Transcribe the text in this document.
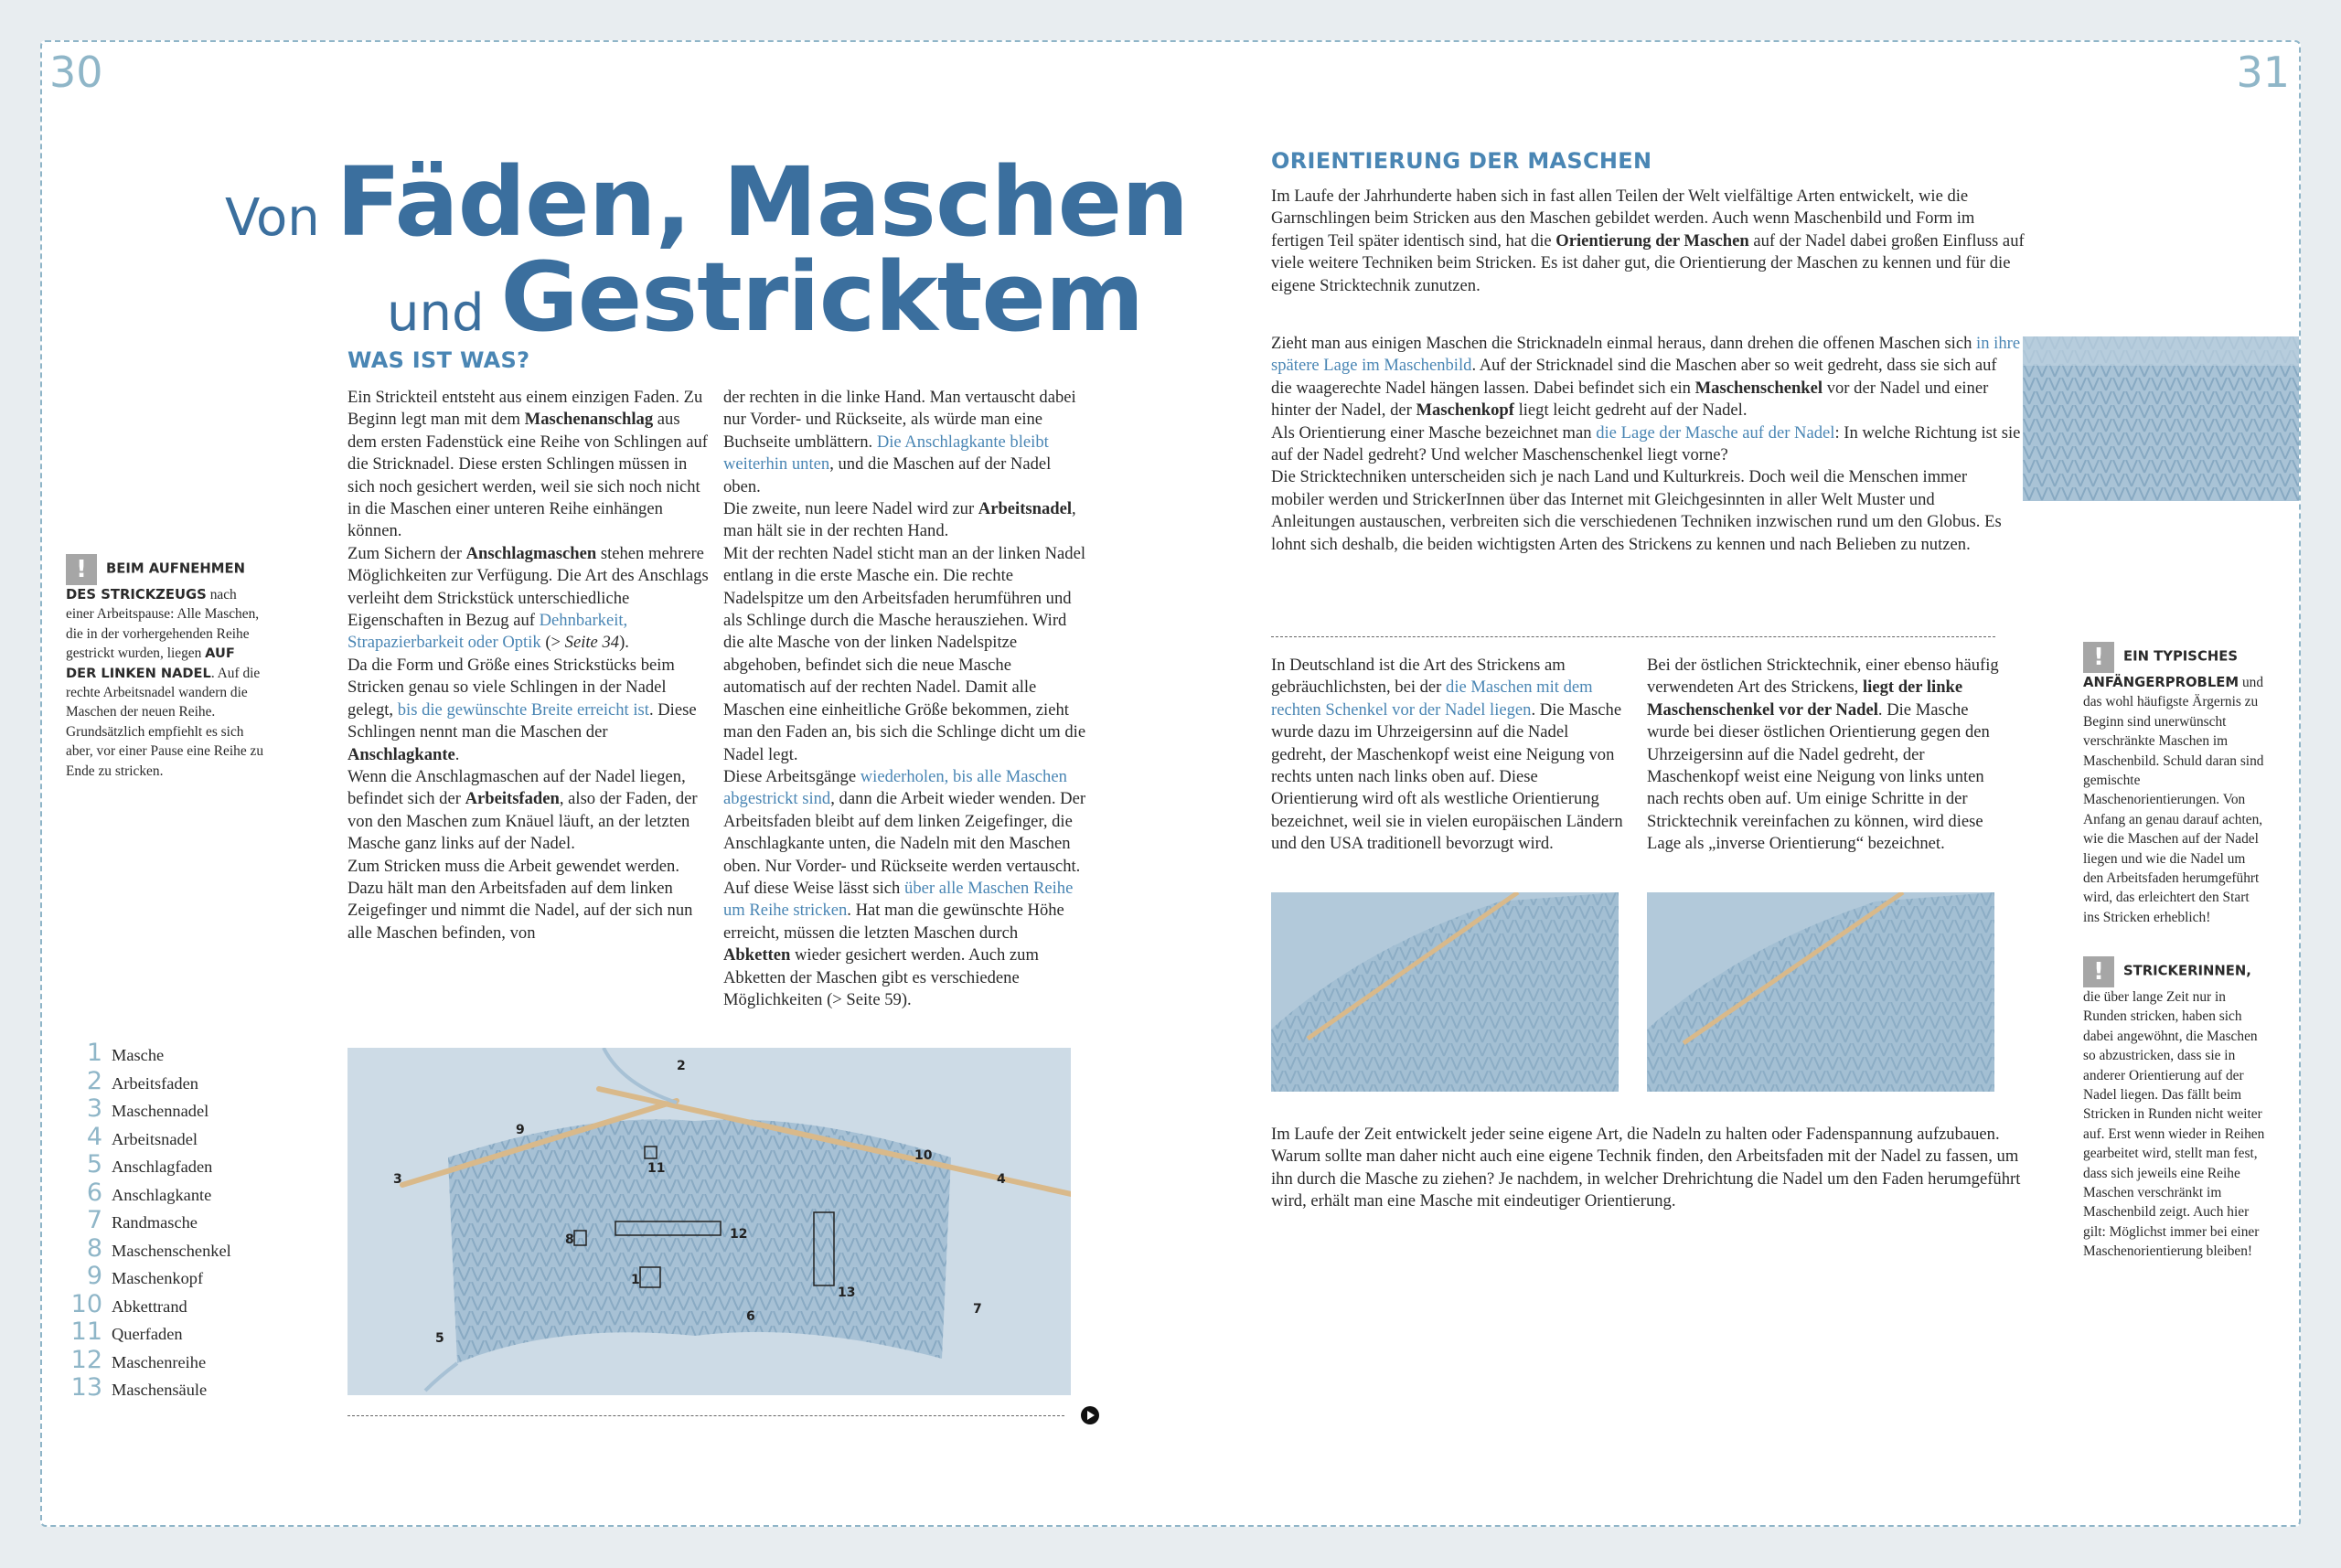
30	31
Von Fäden, Maschen
und Gestricktem
WAS IST WAS?

Ein Strickteil entsteht aus einem einzigen Faden. Zu Beginn legt man mit dem Maschenanschlag aus dem ersten Fadenstück eine Reihe von Schlingen auf die Stricknadel. Diese ersten Schlingen müssen in sich noch gesichert werden, weil sie sich noch nicht in die Maschen einer unteren Reihe einhängen können.

Zum Sichern der Anschlagmaschen stehen mehrere Möglichkeiten zur Verfügung. Die Art des Anschlags verleiht dem Strickstück unterschiedliche Eigenschaften in Bezug auf Dehnbarkeit, Strapazierbarkeit oder Optik (> Seite 34).

Da die Form und Größe eines Strickstücks beim Stricken genau so viele Schlingen in der Nadel gelegt, bis die gewünschte Breite erreicht ist. Diese Schlingen nennt man die Maschen der Anschlagkante.

Wenn die Anschlagmaschen auf der Nadel liegen, befindet sich der Arbeitsfaden, also der Faden, der von den Maschen zum Knäuel läuft, an der letzten Masche ganz links auf der Nadel.

Zum Stricken muss die Arbeit gewendet werden. Dazu hält man den Arbeitsfaden auf dem linken Zeigefinger und nimmt die Nadel, auf der sich nun alle Maschen befinden, von

der rechten in die linke Hand. Man vertauscht dabei nur Vorder- und Rückseite, als würde man eine Buchseite umblättern. Die Anschlagkante bleibt weiterhin unten, und die Maschen auf der Nadel oben.

Die zweite, nun leere Nadel wird zur Arbeitsnadel, man hält sie in der rechten Hand.

Mit der rechten Nadel sticht man an der linken Nadel entlang in die erste Masche ein. Die rechte Nadelspitze um den Arbeitsfaden herumführen und als Schlinge durch die Masche herausziehen. Wird die alte Masche von der linken Nadelspitze abgehoben, befindet sich die neue Masche automatisch auf der rechten Nadel. Damit alle Maschen eine einheitliche Größe bekommen, zieht man den Faden an, bis sich die Schlinge dicht um die Nadel legt.

Diese Arbeitsgänge wiederholen, bis alle Maschen abgestrickt sind, dann die Arbeit wieder wenden. Der Arbeitsfaden bleibt auf dem linken Zeigefinger, die Anschlagkante unten, die Nadeln mit den Maschen oben. Nur Vorder- und Rückseite werden vertauscht.

Auf diese Weise lässt sich über alle Maschen Reihe um Reihe stricken. Hat man die gewünschte Höhe erreicht, müssen die letzten Maschen durch Abketten wieder gesichert werden. Auch zum Abketten der Maschen gibt es verschiedene Möglichkeiten (> Seite 59).

! BEIM AUFNEHMEN DES STRICKZEUGS nach einer Arbeitspause: Alle Maschen, die in der vorhergehenden Reihe gestrickt wurden, liegen AUF DER LINKEN NADEL. Auf die rechte Arbeitsnadel wandern die Maschen der neuen Reihe. Grundsätzlich empfiehlt es sich aber, vor einer Pause eine Reihe zu Ende zu stricken.
1 Masche
2 Arbeitsfaden
3 Maschennadel
4 Arbeitsnadel
5 Anschlagfaden
6 Anschlagkante
7 Randmasche
8 Maschenschenkel
9 Maschenkopf
10 Abkettrand
11 Querfaden
12 Maschenreihe
13 Maschensäule
1
2
3	4
5
6	7
8
9
10
11
12
13
ORIENTIERUNG DER MASCHEN

Im Laufe der Jahrhunderte haben sich in fast allen Teilen der Welt vielfältige Arten entwickelt, wie die Garnschlingen beim Stricken aus den Maschen gebildet werden. Auch wenn Maschenbild und Form im fertigen Teil später identisch sind, hat die Orientierung der Maschen auf der Nadel dabei großen Einfluss auf viele weitere Techniken beim Stricken. Es ist daher gut, die Orientierung der Maschen zu kennen und für die eigene Stricktechnik zunutzen.

Zieht man aus einigen Maschen die Stricknadeln einmal heraus, dann drehen die offenen Maschen sich in ihre spätere Lage im Maschenbild. Auf der Stricknadel sind die Maschen aber so weit gedreht, dass sie sich auf die waagerechte Nadel hängen lassen. Dabei befindet sich ein Maschenschenkel vor der Nadel und einer hinter der Nadel, der Maschenkopf liegt leicht gedreht auf der Nadel.

Als Orientierung einer Masche bezeichnet man die Lage der Masche auf der Nadel: In welche Richtung ist sie auf der Nadel gedreht? Und welcher Maschenschenkel liegt vorne?

Die Stricktechniken unterscheiden sich je nach Land und Kulturkreis. Doch weil die Menschen immer mobiler werden und StrickerInnen über das Internet mit Gleichgesinnten in aller Welt Muster und Anleitungen austauschen, verbreiten sich die verschiedenen Techniken inzwischen rund um den Globus. Es lohnt sich deshalb, die beiden wichtigsten Arten des Strickens zu kennen und nach Belieben zu nutzen.

In Deutschland ist die Art des Strickens am gebräuchlichsten, bei der die Maschen mit dem rechten Schenkel vor der Nadel liegen. Die Masche wurde dazu im Uhrzeigersinn auf die Nadel gedreht, der Maschenkopf weist eine Neigung von rechts unten nach links oben auf. Diese Orientierung wird oft als westliche Orientierung bezeichnet, weil sie in vielen europäischen Ländern und den USA traditionell bevorzugt wird.

Bei der östlichen Stricktechnik, einer ebenso häufig verwendeten Art des Strickens, liegt der linke Maschenschenkel vor der Nadel. Die Masche wurde bei dieser östlichen Orientierung gegen den Uhrzeigersinn auf die Nadel gedreht, der Maschenkopf weist eine Neigung von links unten nach rechts oben auf. Um einige Schritte in der Stricktechnik vereinfachen zu können, wird diese Lage als „inverse Orientierung“ bezeichnet.

Im Laufe der Zeit entwickelt jeder seine eigene Art, die Nadeln zu halten oder Fadenspannung aufzubauen. Warum sollte man daher nicht auch eine eigene Technik finden, den Arbeitsfaden mit der Nadel zu fassen, um ihn durch die Masche zu ziehen? Je nachdem, in welcher Drehrichtung die Nadel um den Faden herumgeführt wird, erhält man eine Masche mit eindeutiger Orientierung.

! EIN TYPISCHES ANFÄNGERPROBLEM und das wohl häufigste Ärgernis zu Beginn sind unerwünscht verschränkte Maschen im Maschenbild. Schuld daran sind gemischte Maschenorientierungen. Von Anfang an genau darauf achten, wie die Maschen auf der Nadel liegen und wie die Nadel um den Arbeitsfaden herumgeführt wird, das erleichtert den Start ins Stricken erheblich!
! STRICKERINNEN, die über lange Zeit nur in Runden stricken, haben sich dabei angewöhnt, die Maschen so abzustricken, dass sie in anderer Orientierung auf der Nadel liegen. Das fällt beim Stricken in Runden nicht weiter auf. Erst wenn wieder in Reihen gearbeitet wird, stellt man fest, dass sich jeweils eine Reihe Maschen verschränkt im Maschenbild zeigt. Auch hier gilt: Möglichst immer bei einer Maschenorientierung bleiben!
